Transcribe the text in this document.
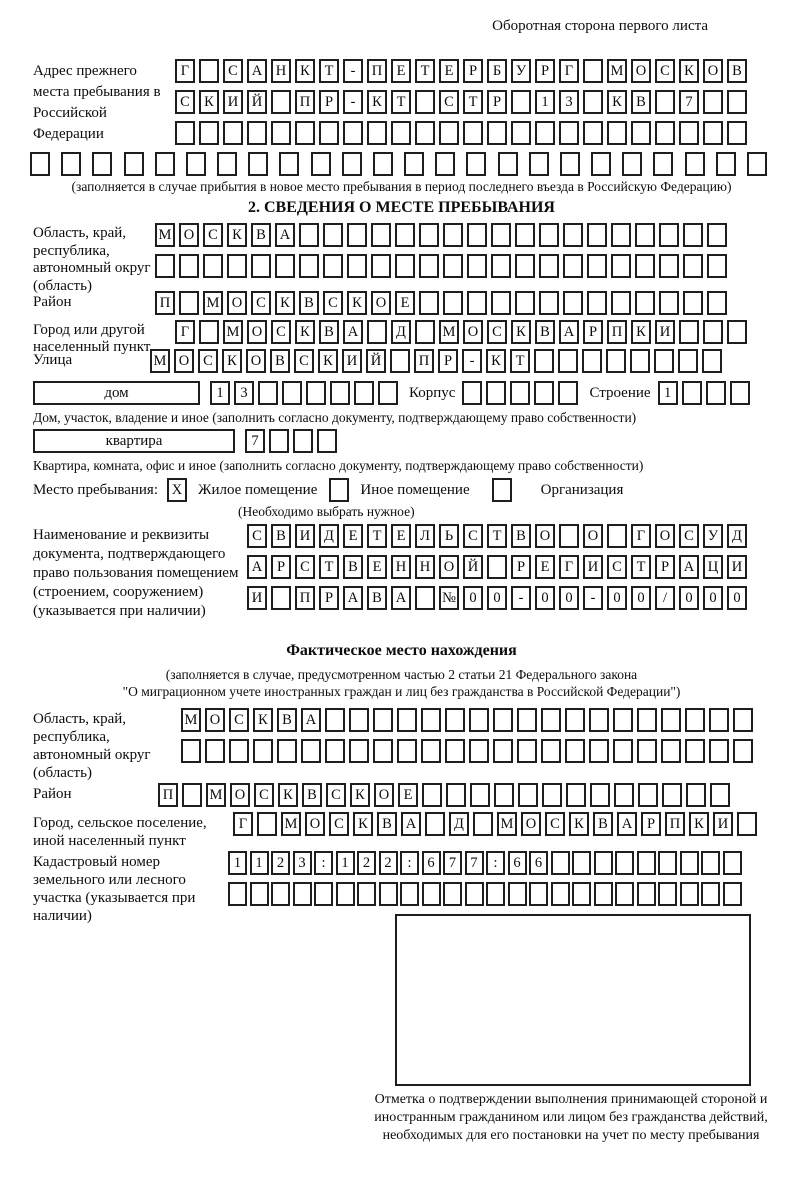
Оборотная сторона первого листа
Адрес прежнего места пребывания в Российской Федерации
Г	С А Н К	Т	-	П Е	Т	Е	Р	Б	У	Р	Г	М О С К О В
С К И Й	П	Р	-	К	Т	С	Т	Р	1	3	К В	7
(заполняется в случае прибытия в новое место пребывания в период последнего въезда в Российскую Федерацию)
2. СВЕДЕНИЯ О МЕСТЕ ПРЕБЫВАНИЯ
Область, край, республика, автономный округ (область)
М О С К В А
Район	П	М О С К В С К О Е
Город или другой населенный пункт
Г	М О С К В А	Д	М О С К В А	Р	П К И
Улица	М О С К О В С К И Й	П	Р	-	К	Т
дом	1	3	Корпус	Строение 1
Дом, участок, владение и иное (заполнить согласно документу, подтверждающему право собственности)
квартира	7
Квартира, комната, офис и иное (заполнить согласно документу, подтверждающему право собственности)
Место пребывания: X	Жилое помещение	Иное помещение	Организация
(Необходимо выбрать нужное)
Наименование и реквизиты документа, подтверждающего право пользования помещением (строением, сооружением) (указывается при наличии)
С В И Д	Е	Т	Е	Л	Ь	С	Т	В О	О	Г	О С У Д
А	Р	С	Т	В	Е Н Н О Й	Р	Е	Г	И С	Т	Р	А Ц И
И	П	Р	А В А	№ 0	0	-	0	0	-	0	0	/	0	0	0
Фактическое место нахождения
(заполняется в случае, предусмотренном частью 2 статьи 21 Федерального закона
"О миграционном учете иностранных граждан и лиц без гражданства в Российской Федерации")
Область, край, республика, автономный округ (область)
М О С К В А
Район	П	М О С К В С К О Е
Город, сельское поселение, иной населенный пункт
Г	М О С К В А	Д	М О С К В А	Р	П К И
Кадастровый номер земельного или лесного участка (указывается при наличии)
1 1 2 3	:	1 2 2	:	6 7 7	:	6 6
Отметка о подтверждении выполнения принимающей стороной и иностранным гражданином или лицом без гражданства действий, необходимых для его постановки на учет по месту пребывания
